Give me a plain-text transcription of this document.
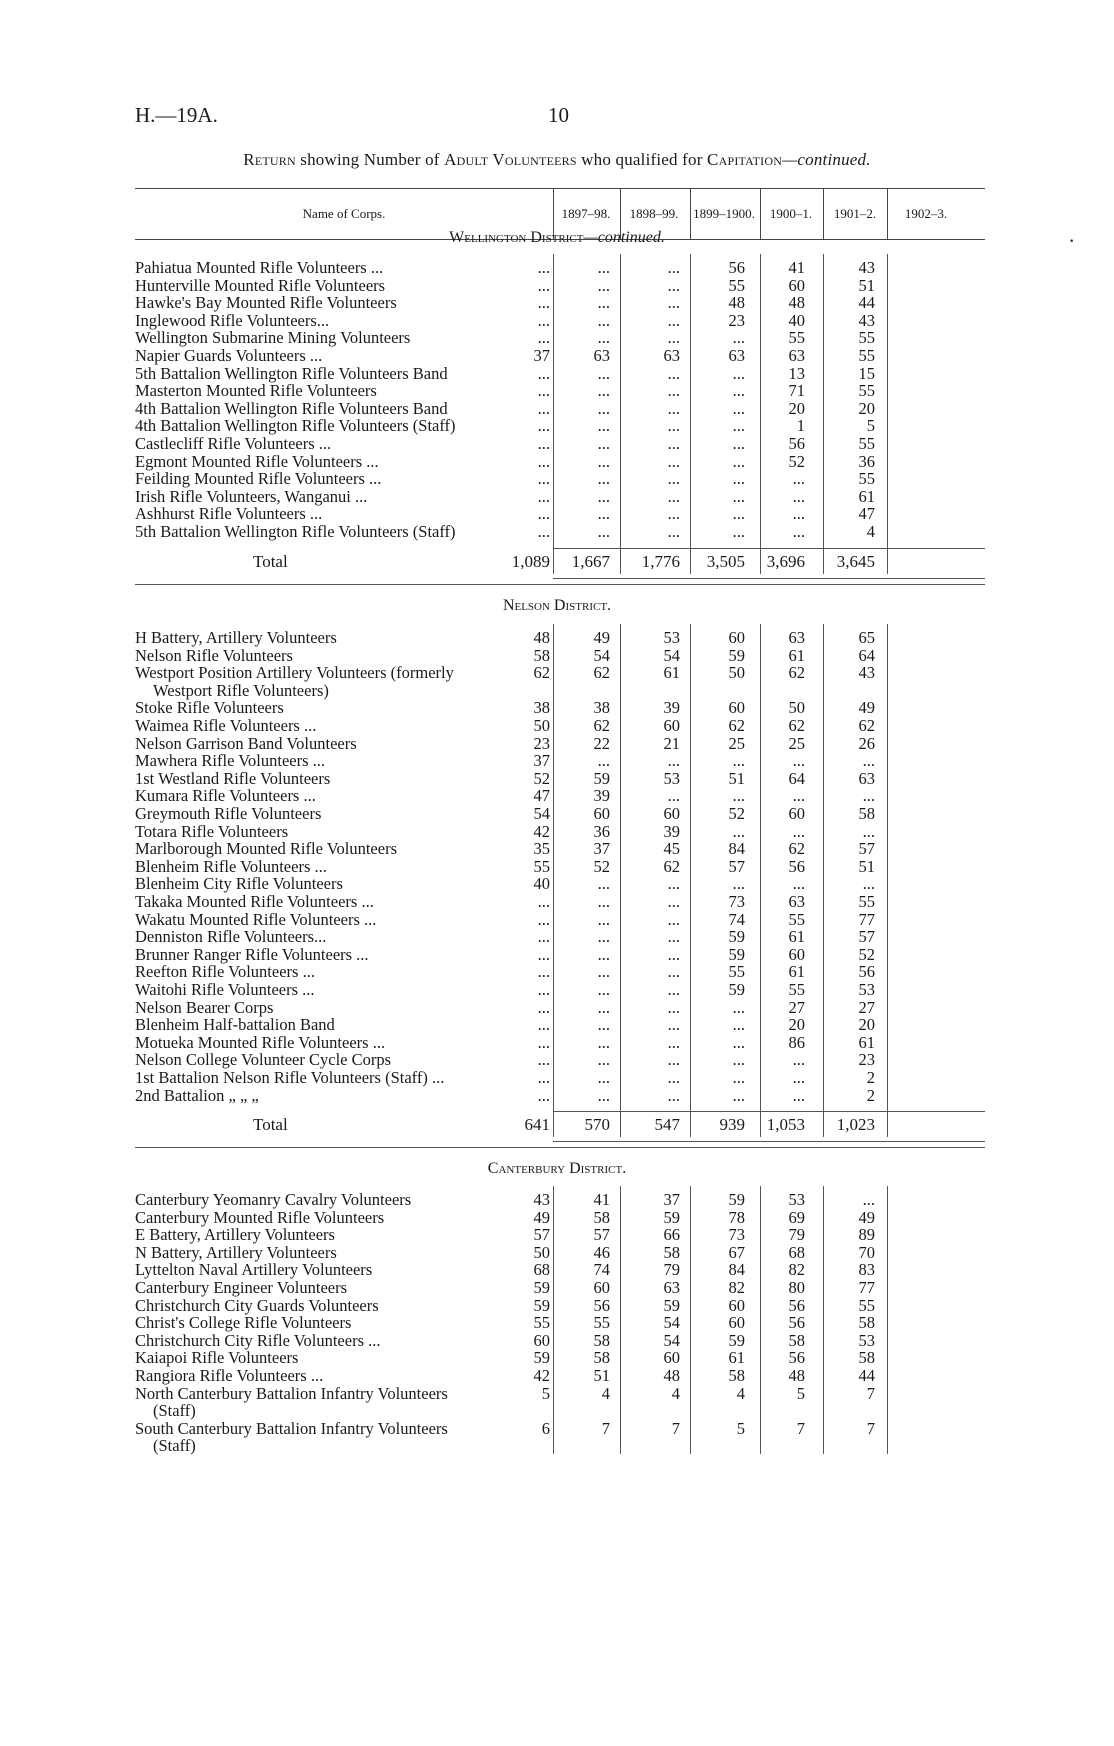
H.—19A.	10
Return showing Number of Adult Volunteers who qualified for Capitation—continued.
Name of Corps.	1897–98.	1898–99.	1899–1900.	1900–1.	1901–2.	1902–3.
Wellington District—continued.
Pahiatua Mounted Rifle Volunteers ...	...	...	...	56	41	43
Hunterville Mounted Rifle Volunteers	...	...	...	55	60	51
Hawke's Bay Mounted Rifle Volunteers	...	...	...	48	48	44
Inglewood Rifle Volunteers...	...	...	...	23	40	43
Wellington Submarine Mining Volunteers	...	...	...	...	55	55
Napier Guards Volunteers ...	37	63	63	63	63	55
5th Battalion Wellington Rifle Volunteers Band	...	...	...	...	13	15
Masterton Mounted Rifle Volunteers	...	...	...	...	71	55
4th Battalion Wellington Rifle Volunteers Band	...	...	...	...	20	20
4th Battalion Wellington Rifle Volunteers (Staff)	...	...	...	...	1	5
Castlecliff Rifle Volunteers ...	...	...	...	...	56	55
Egmont Mounted Rifle Volunteers ...	...	...	...	...	52	36
Feilding Mounted Rifle Volunteers ...	...	...	...	...	...	55
Irish Rifle Volunteers, Wanganui ...	...	...	...	...	...	61
Ashhurst Rifle Volunteers ...	...	...	...	...	...	47
5th Battalion Wellington Rifle Volunteers (Staff)	...	...	...	...	...	4
Total	1,089	1,667	1,776	3,505	3,696	3,645
Nelson District.
H Battery, Artillery Volunteers	48	49	53	60	63	65
Nelson Rifle Volunteers	58	54	54	59	61	64
Westport Position Artillery Volunteers (formerly	62	62	61	50	62	43
Westport Rifle Volunteers)
Stoke Rifle Volunteers	38	38	39	60	50	49
Waimea Rifle Volunteers ...	50	62	60	62	62	62
Nelson Garrison Band Volunteers	23	22	21	25	25	26
Mawhera Rifle Volunteers ...	37	...	...	...	...	...
1st Westland Rifle Volunteers	52	59	53	51	64	63
Kumara Rifle Volunteers ...	47	39	...	...	...	...
Greymouth Rifle Volunteers	54	60	60	52	60	58
Totara Rifle Volunteers	42	36	39	...	...	...
Marlborough Mounted Rifle Volunteers	35	37	45	84	62	57
Blenheim Rifle Volunteers ...	55	52	62	57	56	51
Blenheim City Rifle Volunteers	40	...	...	...	...	...
Takaka Mounted Rifle Volunteers ...	...	...	...	73	63	55
Wakatu Mounted Rifle Volunteers ...	...	...	...	74	55	77
Denniston Rifle Volunteers...	...	...	...	59	61	57
Brunner Ranger Rifle Volunteers ...	...	...	...	59	60	52
Reefton Rifle Volunteers ...	...	...	...	55	61	56
Waitohi Rifle Volunteers ...	...	...	...	59	55	53
Nelson Bearer Corps	...	...	...	...	27	27
Blenheim Half-battalion Band	...	...	...	...	20	20
Motueka Mounted Rifle Volunteers ...	...	...	...	...	86	61
Nelson College Volunteer Cycle Corps	...	...	...	...	...	23
1st Battalion Nelson Rifle Volunteers (Staff) ...	...	...	...	...	...	2
2nd Battalion „ „ „	...	...	...	...	...	2
Total	641	570	547	939	1,053	1,023
Canterbury District.
Canterbury Yeomanry Cavalry Volunteers	43	41	37	59	53	...
Canterbury Mounted Rifle Volunteers	49	58	59	78	69	49
E Battery, Artillery Volunteers	57	57	66	73	79	89
N Battery, Artillery Volunteers	50	46	58	67	68	70
Lyttelton Naval Artillery Volunteers	68	74	79	84	82	83
Canterbury Engineer Volunteers	59	60	63	82	80	77
Christchurch City Guards Volunteers	59	56	59	60	56	55
Christ's College Rifle Volunteers	55	55	54	60	56	58
Christchurch City Rifle Volunteers ...	60	58	54	59	58	53
Kaiapoi Rifle Volunteers	59	58	60	61	56	58
Rangiora Rifle Volunteers ...	42	51	48	58	48	44
North Canterbury Battalion Infantry Volunteers	5	4	4	4	5	7
(Staff)
South Canterbury Battalion Infantry Volunteers	6	7	7	5	7	7
(Staff)
·
